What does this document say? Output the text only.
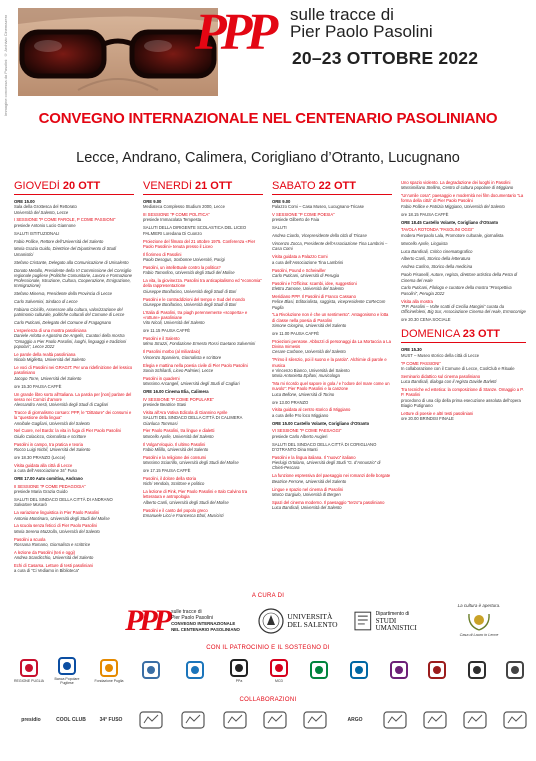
Immagine concessa da Pasolini: © Archivio Cinemazero	PPP	sulle tracce di
Pier Paolo Pasolini
20–23 OTTOBRE 2022
CONVEGNO INTERNAZIONALE NEL CENTENARIO PASOLINIANO
Lecce, Andrano, Calimera, Corigliano d’Otranto, Lucugnano
GIOVEDÌ 20 OTT
ORE 15.00
Sala della Grottesca del Rettorato
Università del Salento, Lecce
I SESSIONE “P COME PAROLE, P COME PASSIONI”
presiede Antonio Lucio Giannone
SALUTI ISTITUZIONALI
Fabio Pollice, Rettore dell’Università del Salento
Maria Grazia Guido, Direttrice del Dipartimento di Studi Umanistici
Stefano Cristante, Delegato alla Comunicazione di Unisalento
Donato Metallo, Presidente della VI Commissione del Consiglio regionale pugliese (Politiche Comunitarie, Lavoro e Formazione Professionale, Istruzione, Cultura, Cooperazione, Emigrazione, Immigrazione)
Stefano Minerva, Presidente della Provincia di Lecce
Carlo Salvemini, Sindaco di Lecce
Fabiano Cicirillo, Assessore alla cultura, valorizzazione del patrimonio culturale, politiche culturali del Comune di Lecce
Carlo Puticani, Delegato del Comune di Fragagnano
L’esperienza di una mostra pasoliniana
Daniele Arlotta e Agostino De Angelis, Curatori della mostra “Omaggio a Pier Paolo Pasolini, luoghi, linguaggi e tradizioni popolari”, Lecce 2022
Le parole della realtà pasoliniana
Nicola Miglietta, Università del Salento
Le voci di Pasolini nei GRAGIT: Per una ridefinizione del lessico pasoliniano
Jacopo Torre, Università del Salento
ore 15.30 PAUSA CAFFÈ
Un grande libro sorto all’Italiana. La parola per [non] parlare del sesso nei Comizi d’amore
Alessandro Aresti, Università degli Studi di Cagliari
Tracce di giornalismo corsaro: PPP, le “Dittature” dei consumi e la “questione della lingua”
Annibale Gagliani, Università del Salento
Nel Cuore, nel Bardo: la vita in fuga di Pier Paolo Pasolini
Giulio Colacicco, Giornalista e scrittore
Pasolini in campo, tra pratica e teoria
Rocco Luigi Nichil, Università del Salento
ore 18.30 PRANZO (Lecce)
Visita guidata alla città di Lecce
a cura dell’Associazione 34° Fuso
ORE 17.00 Auto comitiva, Andrano
II SESSIONE “P COME PEDAGOGIA”
presiede Maria Grazia Guido
SALUTI DEL SINDACO DELLA CITTÀ DI ANDRANO
Salvatore Musarò
La variazione linguistica in Pier Paolo Pasolini
Antonio Montinaro, Università degli Studi del Molise
La scuola senza feticci di Pier Paolo Pasolini
Maria Serena Mazzolla, Università del Salento
Pasolini a scuola
Rossana Romano, Giornalista e scrittrice
A lezione da Pasolini (teri e oggi)
Andrea Scardicchio, Università del Salento
Echi di Casarsa. Letture di testi pasoliniani
a cura di “Ci Vediamo in Biblioteca”
VENERDÌ 21 OTT
ORE 9.00
Mediateca Complesso Studium 2000, Lecce
III SESSIONE “P COME POLITICA”
presiede Immacolata Tempesta
SALUTI DELLA DIRIGENTE SCOLASTICA DEL LICEO PALMIERI Loredana Di Cuonzo
Proiezione del filmato del 21 ottobre 1975. Conferenza «Pier Paolo Pasolini» tenuta presso il Liceo
Il fiorimeo di Pasolini
Paolo Desogus, Sorbonne Université, Parigi
Pasolini, un intellettuale contro la politica?
Fabio Tamorlino, Università degli Studi del Molise
La vita, la giovinezza. Pasolini tra anticapitalismo ed “economia” della rappresentazione
Giuseppe Bonifacino, Università degli Studi di Bari
Pasolini e le contraddizioni del tempo e Sud del mondo
Giuseppe Bonifacino, Università degli Studi di Bari
L’Italia di Pasolini, tra piagh perennemente «scoperta» e «rotture» pasoliniane
Vito Nicoli, Università del Salento
ore 11.15 PAUSA CAFFÈ
Pasolini e il Salento
Mimo Strazzi, Fondazione Ernesto Rossi Gaetano Salvemini
Il Pasolini morbo (al miliardaio)
Vincenzo Sparviero, Giornalista e scrittore
Elegia e mattina nella poesia civile di Pier Paolo Pasolini
Sonia Schilardi, Liceo Palmieri, Lecce
Pasolini in quaderni
Massimo Arcangeli, Università degli Studi di Cagliari
ORE 16.00 Cinema Elia, Calimera
IV SESSIONE “P COME POPULARE”
presiede Beatrice Stasi
Visita all’Ara Votiva Edicola di Giannino Aprile
SALUTI DEL SINDACO DELLA CITTÀ DI CALIMERA
Gianluca Tommasi
Pier Paolo Pasolini, tra lingue e dialetti
Marcello Aprile, Università del Salento
Il Volgar’eloquio. Il ultimo Pasolini
Fabio Milillo, Università del Salento
Pasolini e la religione dei consumi
Massimo Sciarrillo, Università degli Studi del Molise
ore 17.15 PAUSA CAFFÈ
Pasolini, il dolore della storia
Nichi Vendola, Scrittore e politico
La lezione di Pink, Pier Paolo Pasolini e Italo Calvino tra letteratura e antropologia
Alberto Canli, Università degli Studi del Molise
Pasolini e il canto del popolo greco
Emanuele Licci e Francesca Ebol, Musicisti
SABATO 22 OTT
ORE 9.00
Palazzo Comi – Casa Museo, Lucugnano-Tricase
V SESSIONE “P COME POESIA”
presiede Gilberto de Faia
SALUTI
Andrea Ciardo, Vicepresidente della città di Tricase
Vincenzo Zocca, Presidente dell’Associazione Tina Lambrini – Casa Comi
Visita guidata a Palazzo Comi
a cura dell’Associazione Tina Lambrini
Pasolini, Pound e Scheiwiller
Carlo Puticani, Università di Perugia
Pasolini e l’Officina: scambi, idee, suggestioni
Elettra Zamone, Università del Salento
Meridiano PPP. Il Pasolini di Franco Cassano
Felice Blasi, Editorialista, saggista, vicepresidente CoReCom Puglia
“La Rivoluzione non è che un sentimento”. Antagonismo e lotta di classe nella poesia di Pasolini
Simone Giorgino, Università del Salento
ore 11.00 PAUSA CAFFÈ
Proiezioni pensose. Abbozzi di personaggi da La Mortaccia a La Divina mimesis
Cesare Carbone, Università del Salento
“Primo il silenzio, poi il suono e la parola”. Alchimie di parole e musica
e Vincenzo Bianco, Università del Salento
Maria Antonietta Epifani, musicologa
“Ma mi ricordo quel sapore in gola / e l’odore del mare come un nuvolo”: Pier Paolo Pasolini e la canzone
Luca Bellone, Università di Torino
ore 13.00 PRANZO
Visita guidata al centro storico di Miggiano
a cura delle Pro loco Miggiano
ORE 15.00 Castello Volante, Corigliano d’Otranto
VI SESSIONE “P COME PAESAGGI”
presiede Carlo Alberto Augieri
SALUTI DEL SINDACO DELLA CITTÀ DI CORIGLIANO D’OTRANTO Dina Manti
Pasolini e la lingua italiana. Il “nuovo” italiano
Pierluigi Ortolano, Università degli Studi “G. d’Annunzio” di Chieti-Pescara
La funzione espressiva del paesaggio nei romanzi delle borgate
Beatrice Ferrone, Università del Salento
Lingue e spazio nel cinema di Pasolini
Marco Gargiulo, Università di Bergen
Spazi del cinema moderno. Il paesaggio “terzo”a pasoliniano
Luca Bandirali, Università del Salento
Uno spazio violento. La degradazione dei luoghi in Pasolini
Massimiliano Stellino, Centro di cultura popolare di Miggiano
“Un’umile cosa”: paesaggio e modernità nei film documentario “La forma della città” di Pier Paolo Pasolini
Fabio Pollice e Patrizia Miggiano, Università del Salento
ore 18.15 PAUSA CAFFÈ
ORE 18.45 Castello Volante, Corigliano d’Otranto
TAVOLA ROTONDA “PASOLINI OGGI”
modera Pierpaolo Lala, Promotore culturale, giornalista
Marcello Aprile, Linguista
Luca Bandirali, Critico cinematografico
Alberto Canli, Storico della letteratura
Andrea Carlino, Storico della medicina
Paolo Pisanelli, Autore, regista, direttore artistico della Festa di Cinema del reale
Carlo Puticani, Filologo e curatore della mostra “Prospettiva Pasolini”, Perugia 2022
Visita alla mostra
“P.P. Pasolini – Volte scatti di Cecilia Mangini” curata da Officinefoleni, Big Sur, Associazione Cinema del reale, Ermocorrige
ore 20.30 CENA SOCIALE
DOMENICA 23 OTT
ORE 15.30
MUST – Museo storico della città di Lecce
“P COME PASSIONI”
In collaborazione con il Comune di Lecce, CoolClub e Rituale
Seminario didattico sul cinema pasoliniano
Luca Bandirali, dialoga con il regista Davide Barletti
Tra tecniche ed estetica: la composizione di Stanze. Omaggio a P. P. Pasolini
procedono di una clip della prima esecuzione assoluta dell’opera Biagio Putignano
Letture di poesie e altri testi pasoliniani
ore 20.00 BRINDISI FINALE
A CURA DI
PPP sulle tracce di
Pier Paolo Pasolini
CONVEGNO INTERNAZIONALE
NEL CENTENARIO PASOLINIANO
UNIVERSITÀ
DEL SALENTO
Dipartimento di
STUDI UMANISTICI
La cultura è apertura.
Casa di Lauro in Lecce
CON IL PATROCINIO E IL SOSTEGNO DI
REGIONE PUGLIA	Banca Popolare Pugliese	Fondazione Puglia	PPa	MCD
COLLABORAZIONI
presidio	COOL CLUB	34° FUSO	ARGO
